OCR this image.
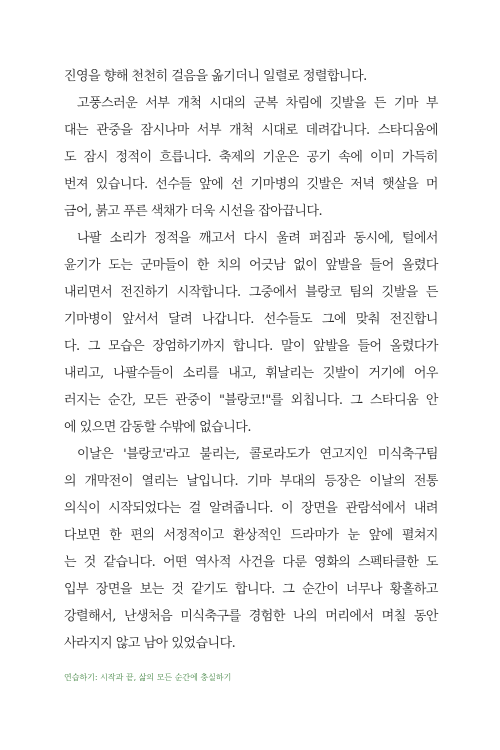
진영을 향해 천천히 걸음을 옮기더니 일렬로 정렬합니다.
고풍스러운 서부 개척 시대의 군복 차림에 깃발을 든 기마 부
대는 관중을 잠시나마 서부 개척 시대로 데려갑니다. 스타디움에
도 잠시 정적이 흐릅니다. 축제의 기운은 공기 속에 이미 가득히
번져 있습니다. 선수들 앞에 선 기마병의 깃발은 저녁 햇살을 머
금어, 붉고 푸른 색채가 더욱 시선을 잡아끕니다.
나팔 소리가 정적을 깨고서 다시 울려 퍼짐과 동시에, 털에서
윤기가 도는 군마들이 한 치의 어긋남 없이 앞발을 들어 올렸다
내리면서 전진하기 시작합니다. 그중에서 블랑코 팀의 깃발을 든
기마병이 앞서서 달려 나갑니다. 선수들도 그에 맞춰 전진합니
다. 그 모습은 장엄하기까지 합니다. 말이 앞발을 들어 올렸다가
내리고, 나팔수들이 소리를 내고, 휘날리는 깃발이 거기에 어우
러지는 순간, 모든 관중이 "블랑코!"를 외칩니다. 그 스타디움 안
에 있으면 감동할 수밖에 없습니다.
이날은 '블랑코'라고 불리는, 콜로라도가 연고지인 미식축구팀
의 개막전이 열리는 날입니다. 기마 부대의 등장은 이날의 전통
의식이 시작되었다는 걸 알려줍니다. 이 장면을 관람석에서 내려
다보면 한 편의 서정적이고 환상적인 드라마가 눈 앞에 펼쳐지
는 것 같습니다. 어떤 역사적 사건을 다룬 영화의 스펙타클한 도
입부 장면을 보는 것 같기도 합니다. 그 순간이 너무나 황홀하고
강렬해서, 난생처음 미식축구를 경험한 나의 머리에서 며칠 동안
사라지지 않고 남아 있었습니다.
연습하기: 시작과 끝, 삶의 모든 순간에 충실하기
